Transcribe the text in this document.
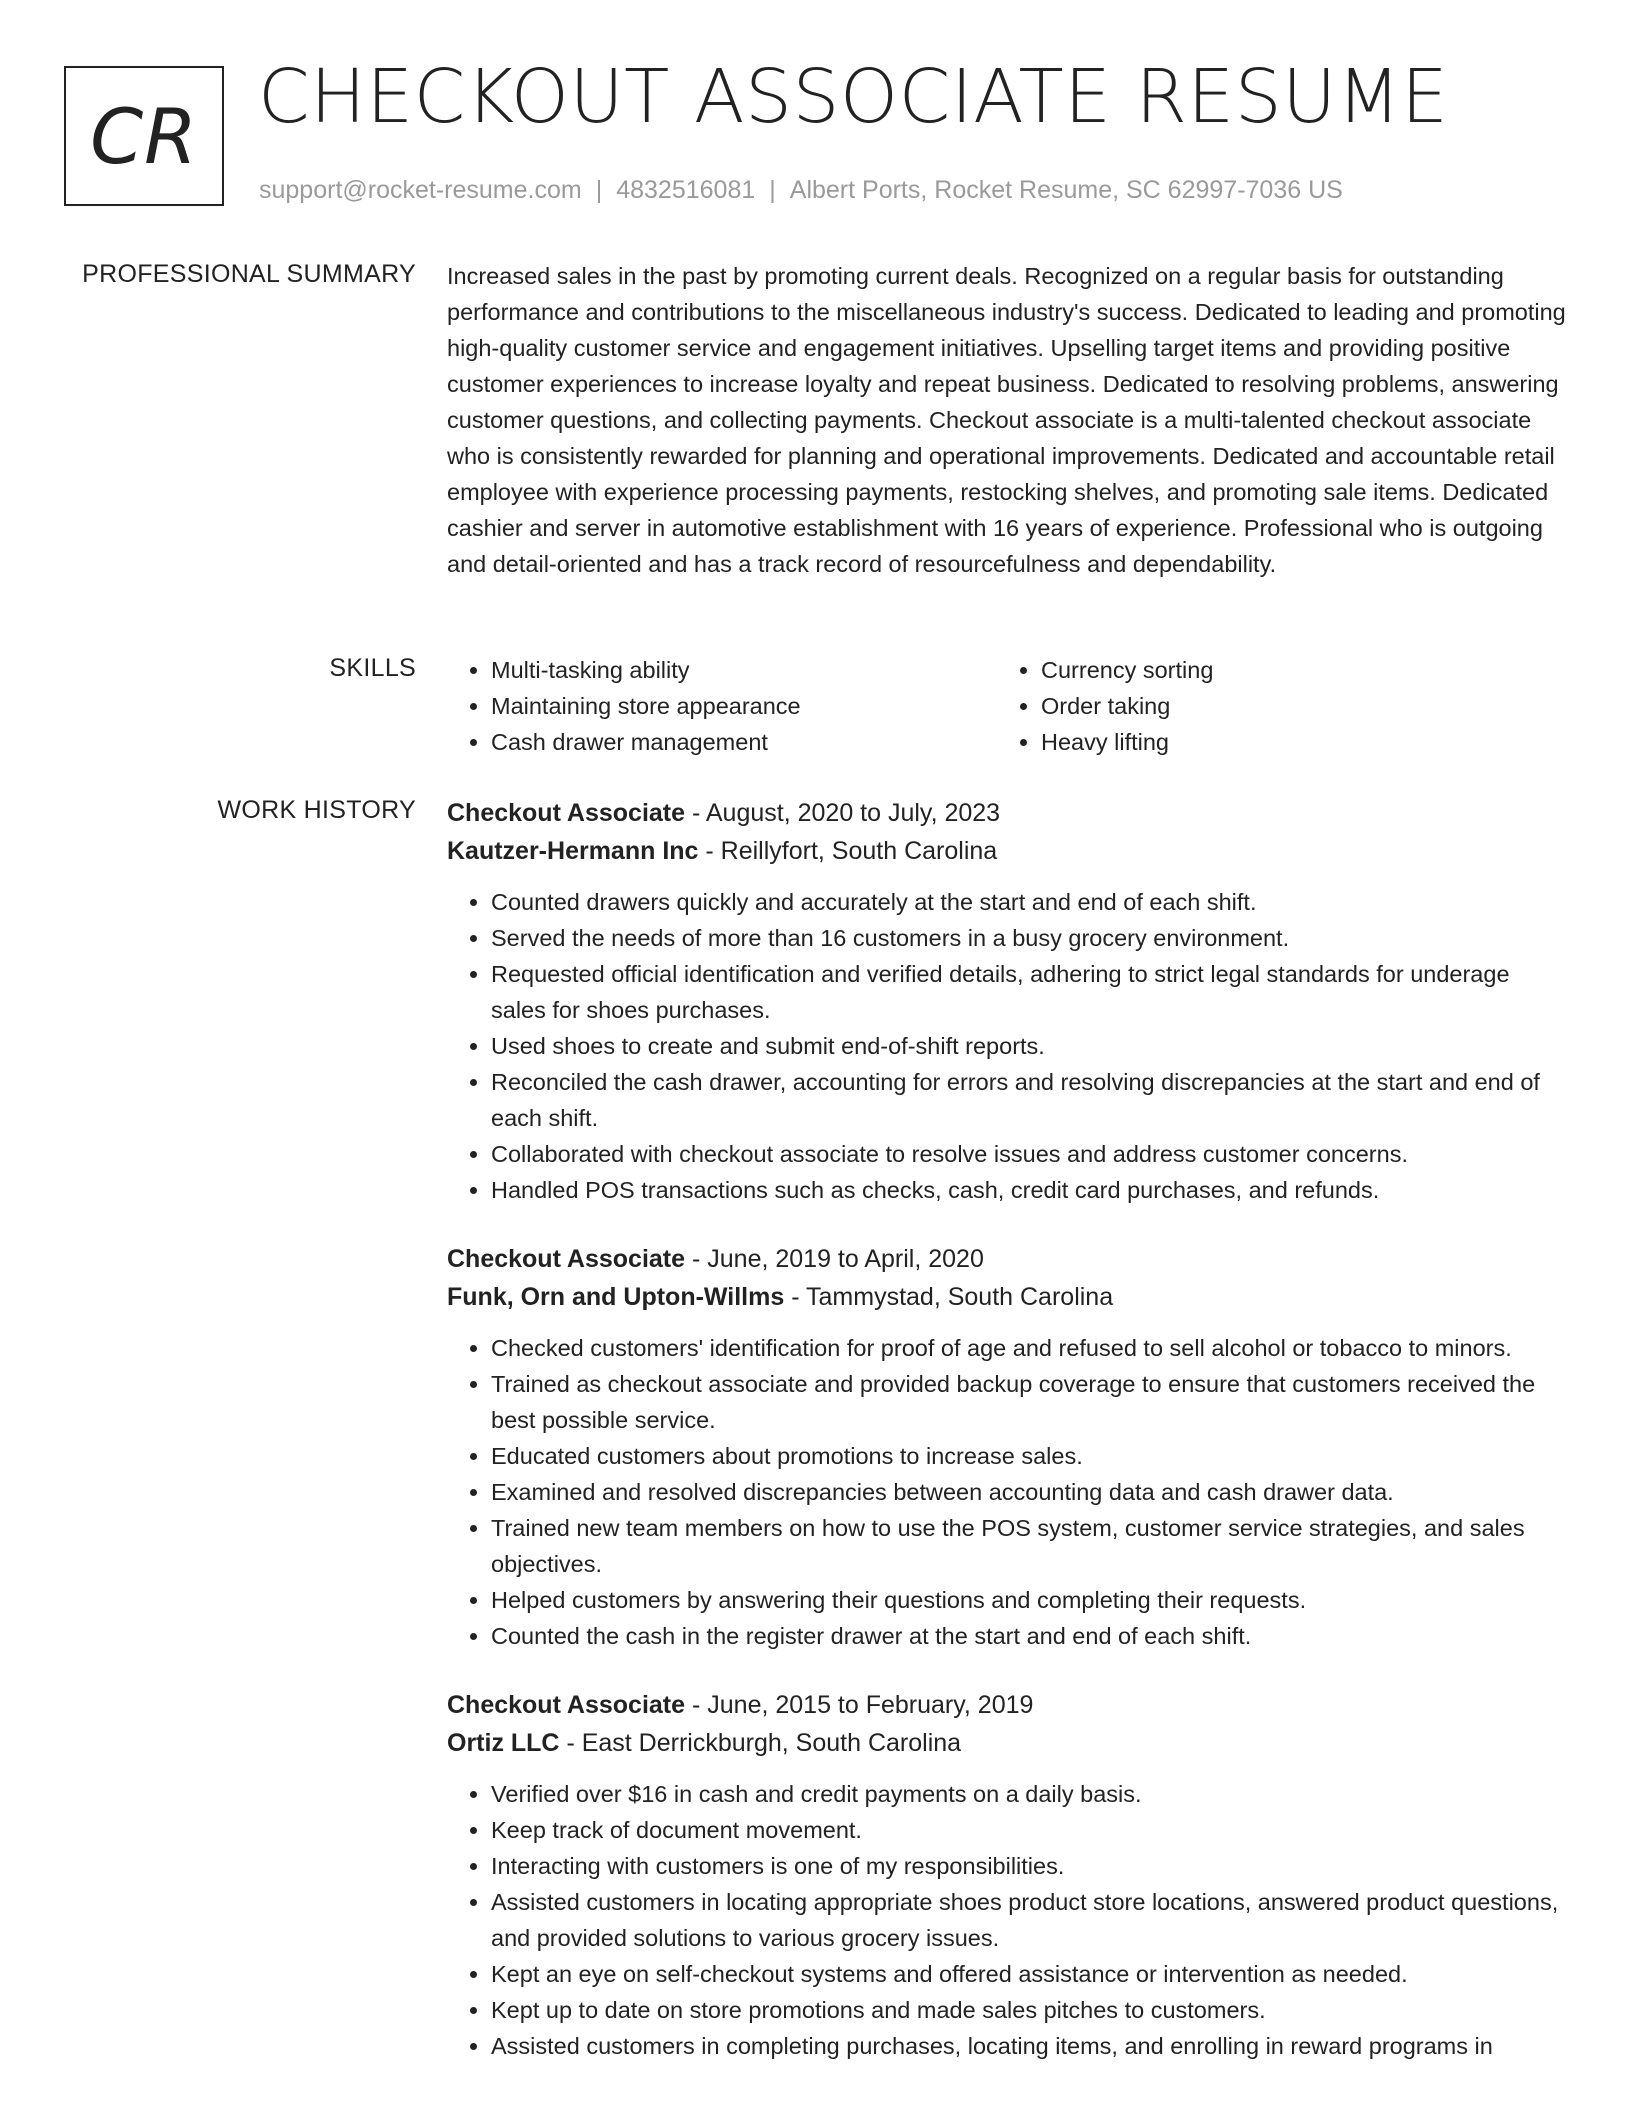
CR CHECKOUT ASSOCIATE RESUME
support@rocket-resume.com | 4832516081 | Albert Ports, Rocket Resume, SC 62997-7036 US
PROFESSIONAL SUMMARY Increased sales in the past by promoting current deals. Recognized on a regular basis for outstanding performance and contributions to the miscellaneous industry's success. Dedicated to leading and promoting high-quality customer service and engagement initiatives. Upselling target items and providing positive customer experiences to increase loyalty and repeat business. Dedicated to resolving problems, answering customer questions, and collecting payments. Checkout associate is a multi-talented checkout associate who is consistently rewarded for planning and operational improvements. Dedicated and accountable retail employee with experience processing payments, restocking shelves, and promoting sale items. Dedicated cashier and server in automotive establishment with 16 years of experience. Professional who is outgoing and detail-oriented and has a track record of resourcefulness and dependability.

SKILLS
•	Multi-tasking ability
• Maintaining store appearance
• Cash drawer management
• Currency sorting
• Order taking
• Heavy lifting
WORK HISTORY Checkout Associate - August, 2020 to July, 2023

Kautzer-Hermann Inc - Reillyfort, South Carolina

• Counted drawers quickly and accurately at the start and end of each shift.
• Served the needs of more than 16 customers in a busy grocery environment.
• Requested official identification and verified details, adhering to strict legal standards for underage sales for shoes purchases.
• Used shoes to create and submit end-of-shift reports.
• Reconciled the cash drawer, accounting for errors and resolving discrepancies at the start and end of each shift.
• Collaborated with checkout associate to resolve issues and address customer concerns.
• Handled POS transactions such as checks, cash, credit card purchases, and refunds.

Checkout Associate - June, 2019 to April, 2020

Funk, Orn and Upton-Willms - Tammystad, South Carolina

• Checked customers' identification for proof of age and refused to sell alcohol or tobacco to minors.
• Trained as checkout associate and provided backup coverage to ensure that customers received the best possible service.
• Educated customers about promotions to increase sales.
• Examined and resolved discrepancies between accounting data and cash drawer data.
• Trained new team members on how to use the POS system, customer service strategies, and sales objectives.
• Helped customers by answering their questions and completing their requests.
• Counted the cash in the register drawer at the start and end of each shift.

Checkout Associate - June, 2015 to February, 2019

Ortiz LLC - East Derrickburgh, South Carolina

• Verified over $16 in cash and credit payments on a daily basis.
• Keep track of document movement.
• Interacting with customers is one of my responsibilities.
• Assisted customers in locating appropriate shoes product store locations, answered product questions, and provided solutions to various grocery issues.
• Kept an eye on self-checkout systems and offered assistance or intervention as needed.
• Kept up to date on store promotions and made sales pitches to customers.
• Assisted customers in completing purchases, locating items, and enrolling in reward programs in
